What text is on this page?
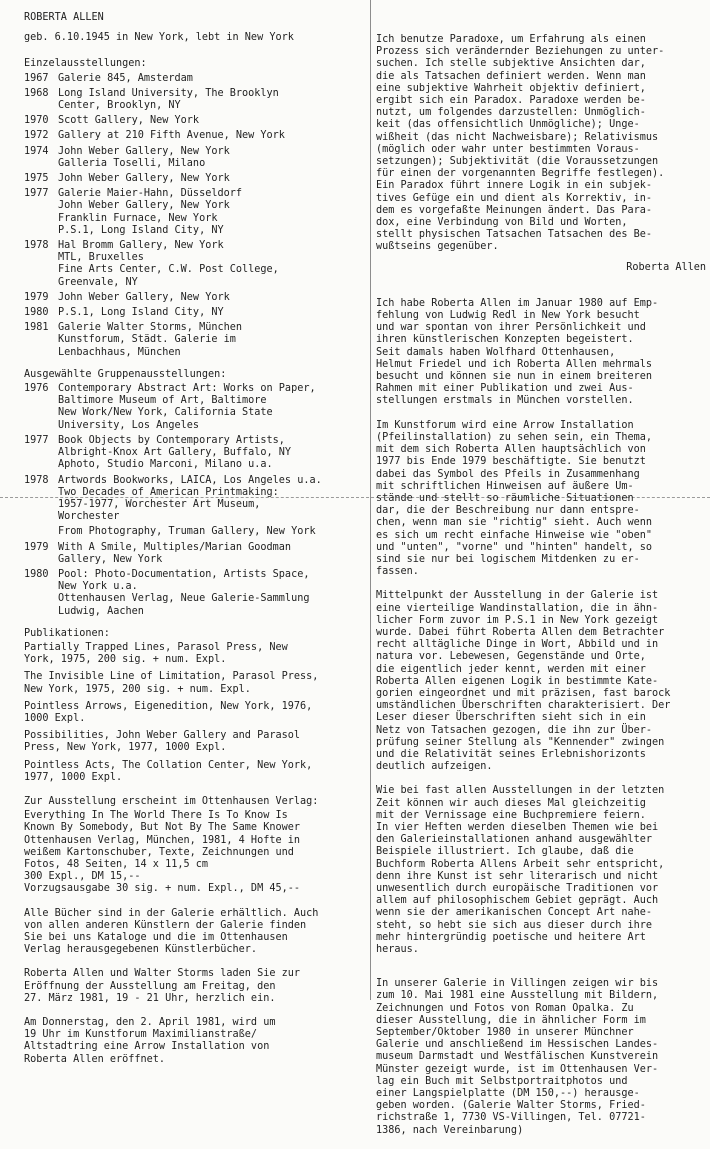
ROBERTA ALLEN

geb. 6.10.1945 in New York, lebt in New York

Einzelausstellungen:

1967 Galerie 845, Amsterdam
1968 Long Island University, The Brooklyn
Center, Brooklyn, NY
1970 Scott Gallery, New York
1972 Gallery at 210 Fifth Avenue, New York
1974 John Weber Gallery, New York
Galleria Toselli, Milano
1975 John Weber Gallery, New York
1977 Galerie Maier-Hahn, Düsseldorf
John Weber Gallery, New York
Franklin Furnace, New York
P.S.1, Long Island City, NY
1978 Hal Bromm Gallery, New York
MTL, Bruxelles
Fine Arts Center, C.W. Post College,
Greenvale, NY
1979 John Weber Gallery, New York
1980 P.S.1, Long Island City, NY
1981 Galerie Walter Storms, München
Kunstforum, Städt. Galerie im
Lenbachhaus, München

Ausgewählte Gruppenausstellungen:

1976 Contemporary Abstract Art: Works on Paper,
Baltimore Museum of Art, Baltimore
New Work/New York, California State
University, Los Angeles
1977 Book Objects by Contemporary Artists,
Albright-Knox Art Gallery, Buffalo, NY
Aphoto, Studio Marconi, Milano u.a.
1978 Artwords Bookworks, LAICA, Los Angeles u.a.
Two Decades of American Printmaking:
1957-1977, Worchester Art Museum,
Worchester
From Photography, Truman Gallery, New York
1979 With A Smile, Multiples/Marian Goodman
Gallery, New York
1980 Pool: Photo-Documentation, Artists Space,
New York u.a.
Ottenhausen Verlag, Neue Galerie-Sammlung
Ludwig, Aachen

Publikationen:

Partially Trapped Lines, Parasol Press, New
York, 1975, 200 sig. + num. Expl.

The Invisible Line of Limitation, Parasol Press,
New York, 1975, 200 sig. + num. Expl.

Pointless Arrows, Eigenedition, New York, 1976,
1000 Expl.

Possibilities, John Weber Gallery and Parasol
Press, New York, 1977, 1000 Expl.

Pointless Acts, The Collation Center, New York,
1977, 1000 Expl.

Zur Ausstellung erscheint im Ottenhausen Verlag:

Everything In The World There Is To Know Is
Known By Somebody, But Not By The Same Knower
Ottenhausen Verlag, München, 1981, 4 Hofte in
weißem Kartonschuber, Texte, Zeichnungen und
Fotos, 48 Seiten, 14 x 11,5 cm
300 Expl., DM 15,--
Vorzugsausgabe 30 sig. + num. Expl., DM 45,--

Alle Bücher sind in der Galerie erhältlich. Auch
von allen anderen Künstlern der Galerie finden
Sie bei uns Kataloge und die im Ottenhausen
Verlag herausgegebenen Künstlerbücher.

Roberta Allen und Walter Storms laden Sie zur
Eröffnung der Ausstellung am Freitag, den
27. März 1981, 19 - 21 Uhr, herzlich ein.

Am Donnerstag, den 2. April 1981, wird um
19 Uhr im Kunstforum Maximilianstraße/
Altstadtring eine Arrow Installation von
Roberta Allen eröffnet.

Ich benutze Paradoxe, um Erfahrung als einen
Prozess sich verändernder Beziehungen zu unter-
suchen. Ich stelle subjektive Ansichten dar,
die als Tatsachen definiert werden. Wenn man
eine subjektive Wahrheit objektiv definiert,
ergibt sich ein Paradox. Paradoxe werden be-
nutzt, um folgendes darzustellen: Unmöglich-
keit (das offensichtlich Unmögliche); Unge-
wißheit (das nicht Nachweisbare); Relativismus
(möglich oder wahr unter bestimmten Voraus-
setzungen); Subjektivität (die Voraussetzungen
für einen der vorgenannten Begriffe festlegen).
Ein Paradox führt innere Logik in ein subjek-
tives Gefüge ein und dient als Korrektiv, in-
dem es vorgefaßte Meinungen ändert. Das Para-
dox, eine Verbindung von Bild und Worten,
stellt physischen Tatsachen Tatsachen des Be-
wußtseins gegenüber.

Roberta Allen

Ich habe Roberta Allen im Januar 1980 auf Emp-
fehlung von Ludwig Redl in New York besucht
und war spontan von ihrer Persönlichkeit und
ihren künstlerischen Konzepten begeistert.
Seit damals haben Wolfhard Ottenhausen,
Helmut Friedel und ich Roberta Allen mehrmals
besucht und können sie nun in einem breiteren
Rahmen mit einer Publikation und zwei Aus-
stellungen erstmals in München vorstellen.

Im Kunstforum wird eine Arrow Installation
(Pfeilinstallation) zu sehen sein, ein Thema,
mit dem sich Roberta Allen hauptsächlich von
1977 bis Ende 1979 beschäftigte. Sie benutzt
dabei das Symbol des Pfeils in Zusammenhang
mit schriftlichen Hinweisen auf äußere Um-
stände und stellt so räumliche Situationen
dar, die der Beschreibung nur dann entspre-
chen, wenn man sie "richtig" sieht. Auch wenn
es sich um recht einfache Hinweise wie "oben"
und "unten", "vorne" und "hinten" handelt, so
sind sie nur bei logischem Mitdenken zu er-
fassen.

Mittelpunkt der Ausstellung in der Galerie ist
eine vierteilige Wandinstallation, die in ähn-
licher Form zuvor im P.S.1 in New York gezeigt
wurde. Dabei führt Roberta Allen dem Betrachter
recht alltägliche Dinge in Wort, Abbild und in
natura vor. Lebewesen, Gegenstände und Orte,
die eigentlich jeder kennt, werden mit einer
Roberta Allen eigenen Logik in bestimmte Kate-
gorien eingeordnet und mit präzisen, fast barock
umständlichen Überschriften charakterisiert. Der
Leser dieser Überschriften sieht sich in ein
Netz von Tatsachen gezogen, die ihn zur Über-
prüfung seiner Stellung als "Kennender" zwingen
und die Relativität seines Erlebnishorizonts
deutlich aufzeigen.

Wie bei fast allen Ausstellungen in der letzten
Zeit können wir auch dieses Mal gleichzeitig
mit der Vernissage eine Buchpremiere feiern.
In vier Heften werden dieselben Themen wie bei
den Galerieinstallationen anhand ausgewählter
Beispiele illustriert. Ich glaube, daß die
Buchform Roberta Allens Arbeit sehr entspricht,
denn ihre Kunst ist sehr literarisch und nicht
unwesentlich durch europäische Traditionen vor
allem auf philosophischem Gebiet geprägt. Auch
wenn sie der amerikanischen Concept Art nahe-
steht, so hebt sie sich aus dieser durch ihre
mehr hintergründig poetische und heitere Art
heraus.

In unserer Galerie in Villingen zeigen wir bis
zum 10. Mai 1981 eine Ausstellung mit Bildern,
Zeichnungen und Fotos von Roman Opalka. Zu
dieser Ausstellung, die in ähnlicher Form im
September/Oktober 1980 in unserer Münchner
Galerie und anschließend im Hessischen Landes-
museum Darmstadt und Westfälischen Kunstverein
Münster gezeigt wurde, ist im Ottenhausen Ver-
lag ein Buch mit Selbstportraitphotos und
einer Langspielplatte (DM 150,--) herausge-
geben worden. (Galerie Walter Storms, Fried-
richstraße 1, 7730 VS-Villingen, Tel. 07721-
1386, nach Vereinbarung)
